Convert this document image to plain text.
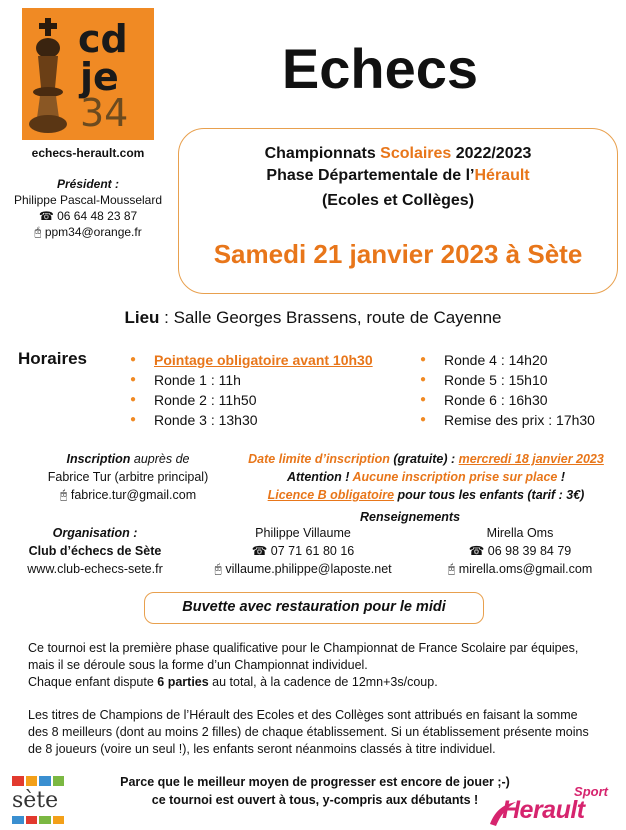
cd
je
34
echecs-herault.com
Président :
Philippe Pascal-Mousselard
☎ 06 64 48 23 87
🖰 ppm34@orange.fr
Echecs
Championnats Scolaires 2022/2023
Phase Départementale de l’Hérault
(Ecoles et Collèges)
Samedi 21 janvier 2023 à Sète
Lieu : Salle Georges Brassens, route de Cayenne
Horaires
●	Pointage obligatoire avant 10h30
● Ronde 1 : 11h
● Ronde 2 : 11h50
● Ronde 3 : 13h30
● Ronde 4 : 14h20
● Ronde 5 : 15h10
● Ronde 6 : 16h30
● Remise des prix : 17h30
Inscription auprès de
Fabrice Tur (arbitre principal)
🖰 fabrice.tur@gmail.com
Date limite d’inscription (gratuite) : mercredi 18 janvier 2023
Attention ! Aucune inscription prise sur place !
Licence B obligatoire pour tous les enfants (tarif : 3€)
Organisation :
Club d’échecs de Sète
www.club-echecs-sete.fr
Renseignements
Philippe Villaume
☎ 07 71 61 80 16
🖰 villaume.philippe@laposte.net
Mirella Oms
☎ 06 98 39 84 79
🖰 mirella.oms@gmail.com
Buvette avec restauration pour le midi
Ce tournoi est la première phase qualificative pour le Championnat de France Scolaire par équipes, mais il se déroule sous la forme d’un Championnat individuel.
Chaque enfant dispute 6 parties au total, à la cadence de 12mn+3s/coup.
Les titres de Champions de l’Hérault des Ecoles et des Collèges sont attribués en faisant la somme des 8 meilleurs (dont au moins 2 filles) de chaque établissement. Si un établissement présente moins de 8 joueurs (voire un seul !), les enfants seront néanmoins classés à titre individuel.
Parce que le meilleur moyen de progresser est encore de jouer ;-)
ce tournoi est ouvert à tous, y-compris aux débutants !
sète	Sport
Herault
